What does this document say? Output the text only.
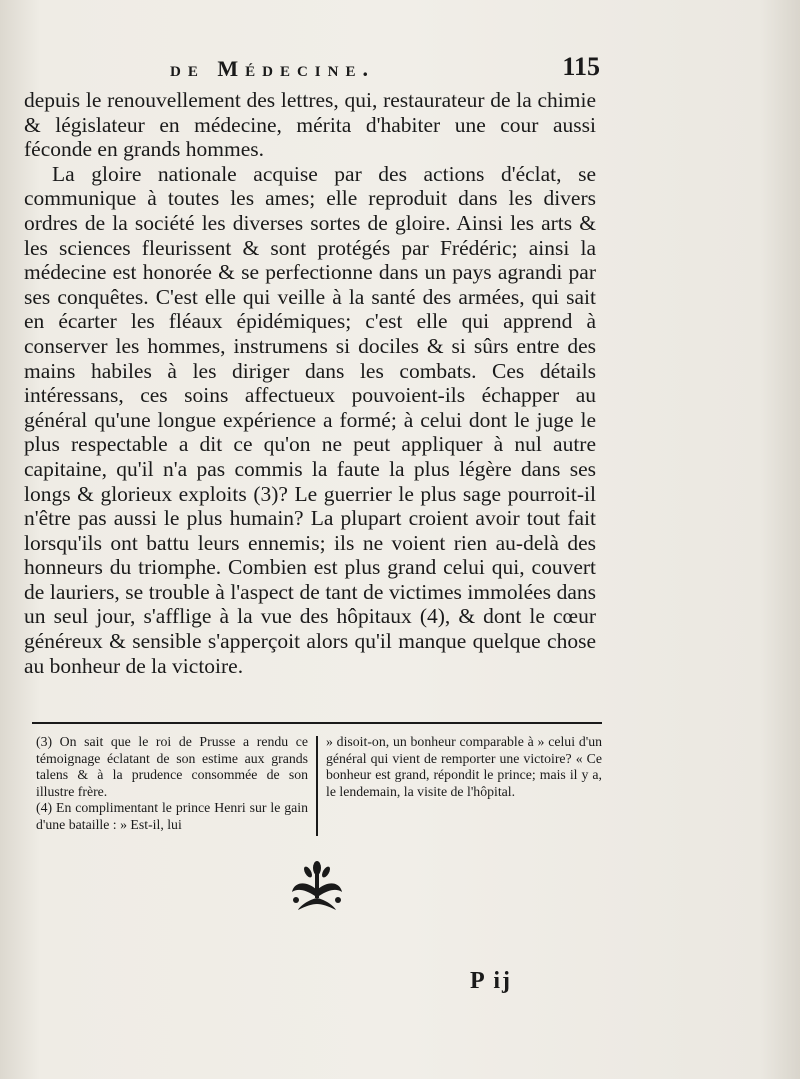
de Médecine.	115

depuis le renouvellement des lettres, qui, restaurateur de la chimie & législateur en médecine, mérita d'habiter une cour aussi féconde en grands hommes.

La gloire nationale acquise par des actions d'éclat, se communique à toutes les ames; elle reproduit dans les divers ordres de la société les diverses sortes de gloire. Ainsi les arts & les sciences fleurissent & sont protégés par Frédéric; ainsi la médecine est honorée & se perfectionne dans un pays agrandi par ses conquêtes. C'est elle qui veille à la santé des armées, qui sait en écarter les fléaux épidémiques; c'est elle qui apprend à conserver les hommes, instrumens si dociles & si sûrs entre des mains habiles à les diriger dans les combats. Ces détails intéressans, ces soins affectueux pouvoient-ils échapper au général qu'une longue expérience a formé; à celui dont le juge le plus respectable a dit ce qu'on ne peut appliquer à nul autre capitaine, qu'il n'a pas commis la faute la plus légère dans ses longs & glorieux exploits (3)? Le guerrier le plus sage pourroit-il n'être pas aussi le plus humain? La plupart croient avoir tout fait lorsqu'ils ont battu leurs ennemis; ils ne voient rien au-delà des honneurs du triomphe. Combien est plus grand celui qui, couvert de lauriers, se trouble à l'aspect de tant de victimes immolées dans un seul jour, s'afflige à la vue des hôpitaux (4), & dont le cœur généreux & sensible s'apperçoit alors qu'il manque quelque chose au bonheur de la victoire.

(3) On sait que le roi de Prusse a rendu ce témoignage éclatant de son estime aux grands talens & à la prudence consommée de son illustre frère.

(4) En complimentant le prince Henri sur le gain d'une bataille : » Est-il, lui

» disoit-on, un bonheur comparable à » celui d'un général qui vient de remporter une victoire? « Ce bonheur est grand, répondit le prince; mais il y a, le lendemain, la visite de l'hôpital.

P ij
